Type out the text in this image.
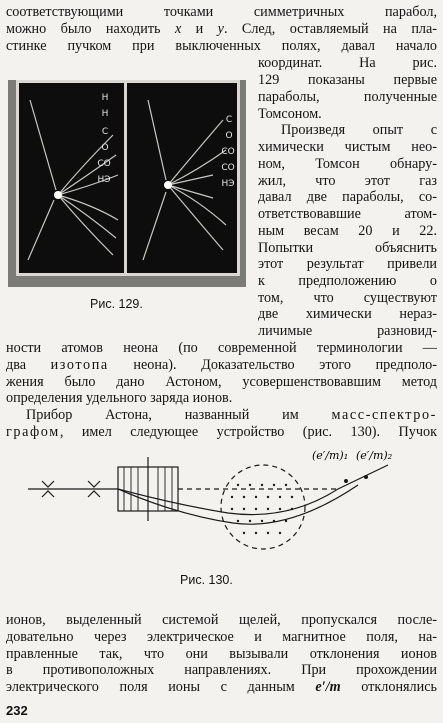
соответствующими точками симметричных парабол,
можно было находить x и y. След, оставляемый на пла-
стинке пучком при выключенных полях, давал начало
Н
Н
С
О
СО
НЭ
С
О
СО
СО
НЭ
Рис. 129.
координат. На рис.
129 показаны первые
параболы, полученные
Томсоном.
Произведя опыт с
химически чистым нео-
ном, Томсон обнару-
жил, что этот газ
давал две параболы, со-
ответствовавшие атом-
ным весам 20 и 22.
Попытки объяснить
этот результат привели
к предположению о
том, что существуют
две химически нераз-
личимые разновид-
ности атомов неона (по современной терминологии —
два изотопа неона). Доказательство этого предполо-
жения было дано Астоном, усовершенствовавшим метод
определения удельного заряда ионов.
Прибор Астона, названный им масс-спектро-
графом, имел следующее устройство (рис. 130). Пучок
(e′/m)₁ (e′/m)₂
Рис. 130.
ионов, выделенный системой щелей, пропускался после-
довательно через электрическое и магнитное поля, на-
правленные так, что они вызывали отклонения ионов
в противоположных направлениях. При прохождении
электрического поля ионы с данным e′/m отклонялись
232
